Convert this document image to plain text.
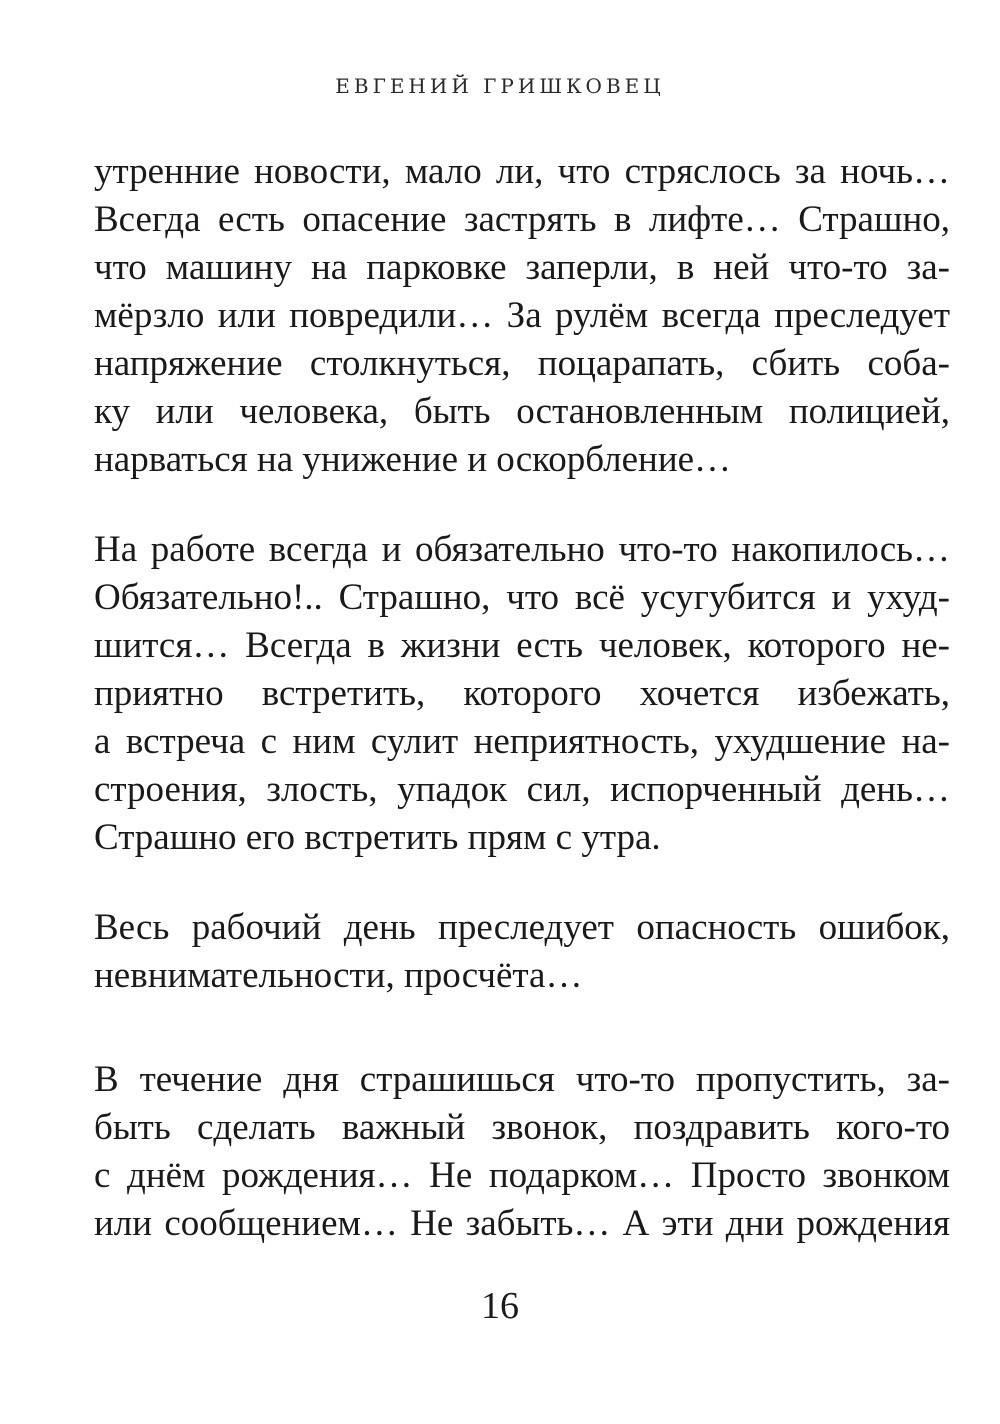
ЕВГЕНИЙ ГРИШКОВЕЦ
утренние новости, мало ли, что стряслось за ночь…
Всегда есть опасение застрять в лифте… Страшно,
что машину на парковке заперли, в ней что-то за-
мёрзло или повредили… За рулём всегда преследует
напряжение столкнуться, поцарапать, сбить соба-
ку или человека, быть остановленным полицией,
нарваться на унижение и оскорбление…
На работе всегда и обязательно что-то накопилось…
Обязательно!.. Страшно, что всё усугубится и ухуд-
шится… Всегда в жизни есть человек, которого не-
приятно встретить, которого хочется избежать,
а встреча с ним сулит неприятность, ухудшение на-
строения, злость, упадок сил, испорченный день…
Страшно его встретить прям с утра.
Весь рабочий день преследует опасность ошибок,
невнимательности, просчёта…
В течение дня страшишься что-то пропустить, за-
быть сделать важный звонок, поздравить кого-то
с днём рождения… Не подарком… Просто звонком
или сообщением… Не забыть… А эти дни рождения
16
